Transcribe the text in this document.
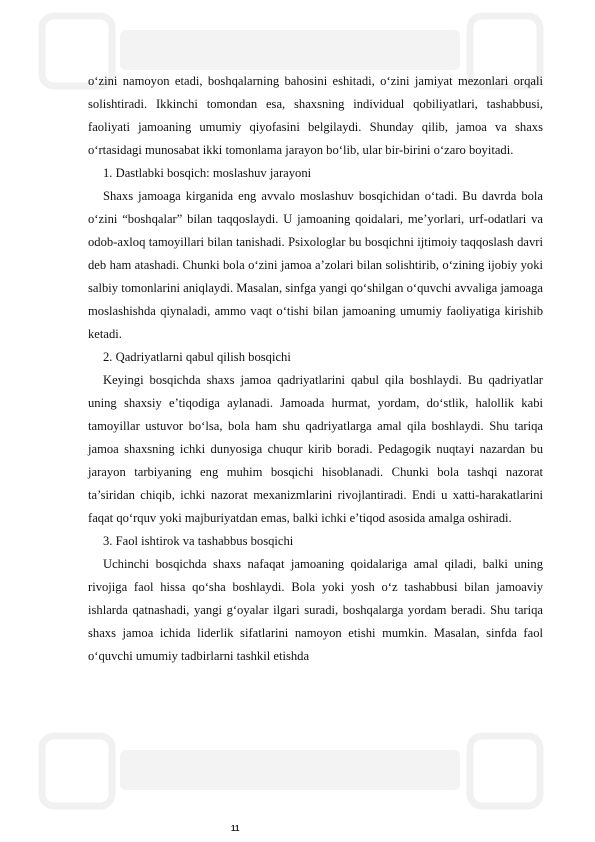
o‘zini namoyon etadi, boshqalarning bahosini eshitadi, o‘zini jamiyat mezonlari orqali solishtiradi. Ikkinchi tomondan esa, shaxsning individual qobiliyatlari, tashabbusi, faoliyati jamoaning umumiy qiyofasini belgilaydi. Shunday qilib, jamoa va shaxs o‘rtasidagi munosabat ikki tomonlama jarayon bo‘lib, ular bir-birini o‘zaro boyitadi.

1. Dastlabki bosqich: moslashuv jarayoni

Shaxs jamoaga kirganida eng avvalo moslashuv bosqichidan o‘tadi. Bu davrda bola o‘zini “boshqalar” bilan taqqoslaydi. U jamoaning qoidalari, me’yorlari, urf-odatlari va odob-axloq tamoyillari bilan tanishadi. Psixologlar bu bosqichni ijtimoiy taqqoslash davri deb ham atashadi. Chunki bola o‘zini jamoa a’zolari bilan solishtirib, o‘zining ijobiy yoki salbiy tomonlarini aniqlaydi. Masalan, sinfga yangi qo‘shilgan o‘quvchi avvaliga jamoaga moslashishda qiynaladi, ammo vaqt o‘tishi bilan jamoaning umumiy faoliyatiga kirishib ketadi.

2. Qadriyatlarni qabul qilish bosqichi

Keyingi bosqichda shaxs jamoa qadriyatlarini qabul qila boshlaydi. Bu qadriyatlar uning shaxsiy e’tiqodiga aylanadi. Jamoada hurmat, yordam, do‘stlik, halollik kabi tamoyillar ustuvor bo‘lsa, bola ham shu qadriyatlarga amal qila boshlaydi. Shu tariqa jamoa shaxsning ichki dunyosiga chuqur kirib boradi. Pedagogik nuqtayi nazardan bu jarayon tarbiyaning eng muhim bosqichi hisoblanadi. Chunki bola tashqi nazorat ta’siridan chiqib, ichki nazorat mexanizmlarini rivojlantiradi. Endi u xatti-harakatlarini faqat qo‘rquv yoki majburiyatdan emas, balki ichki e’tiqod asosida amalga oshiradi.

3. Faol ishtirok va tashabbus bosqichi

Uchinchi bosqichda shaxs nafaqat jamoaning qoidalariga amal qiladi, balki uning rivojiga faol hissa qo‘sha boshlaydi. Bola yoki yosh o‘z tashabbusi bilan jamoaviy ishlarda qatnashadi, yangi g‘oyalar ilgari suradi, boshqalarga yordam beradi. Shu tariqa shaxs jamoa ichida liderlik sifatlarini namoyon etishi mumkin. Masalan, sinfda faol o‘quvchi umumiy tadbirlarni tashkil etishda

11
